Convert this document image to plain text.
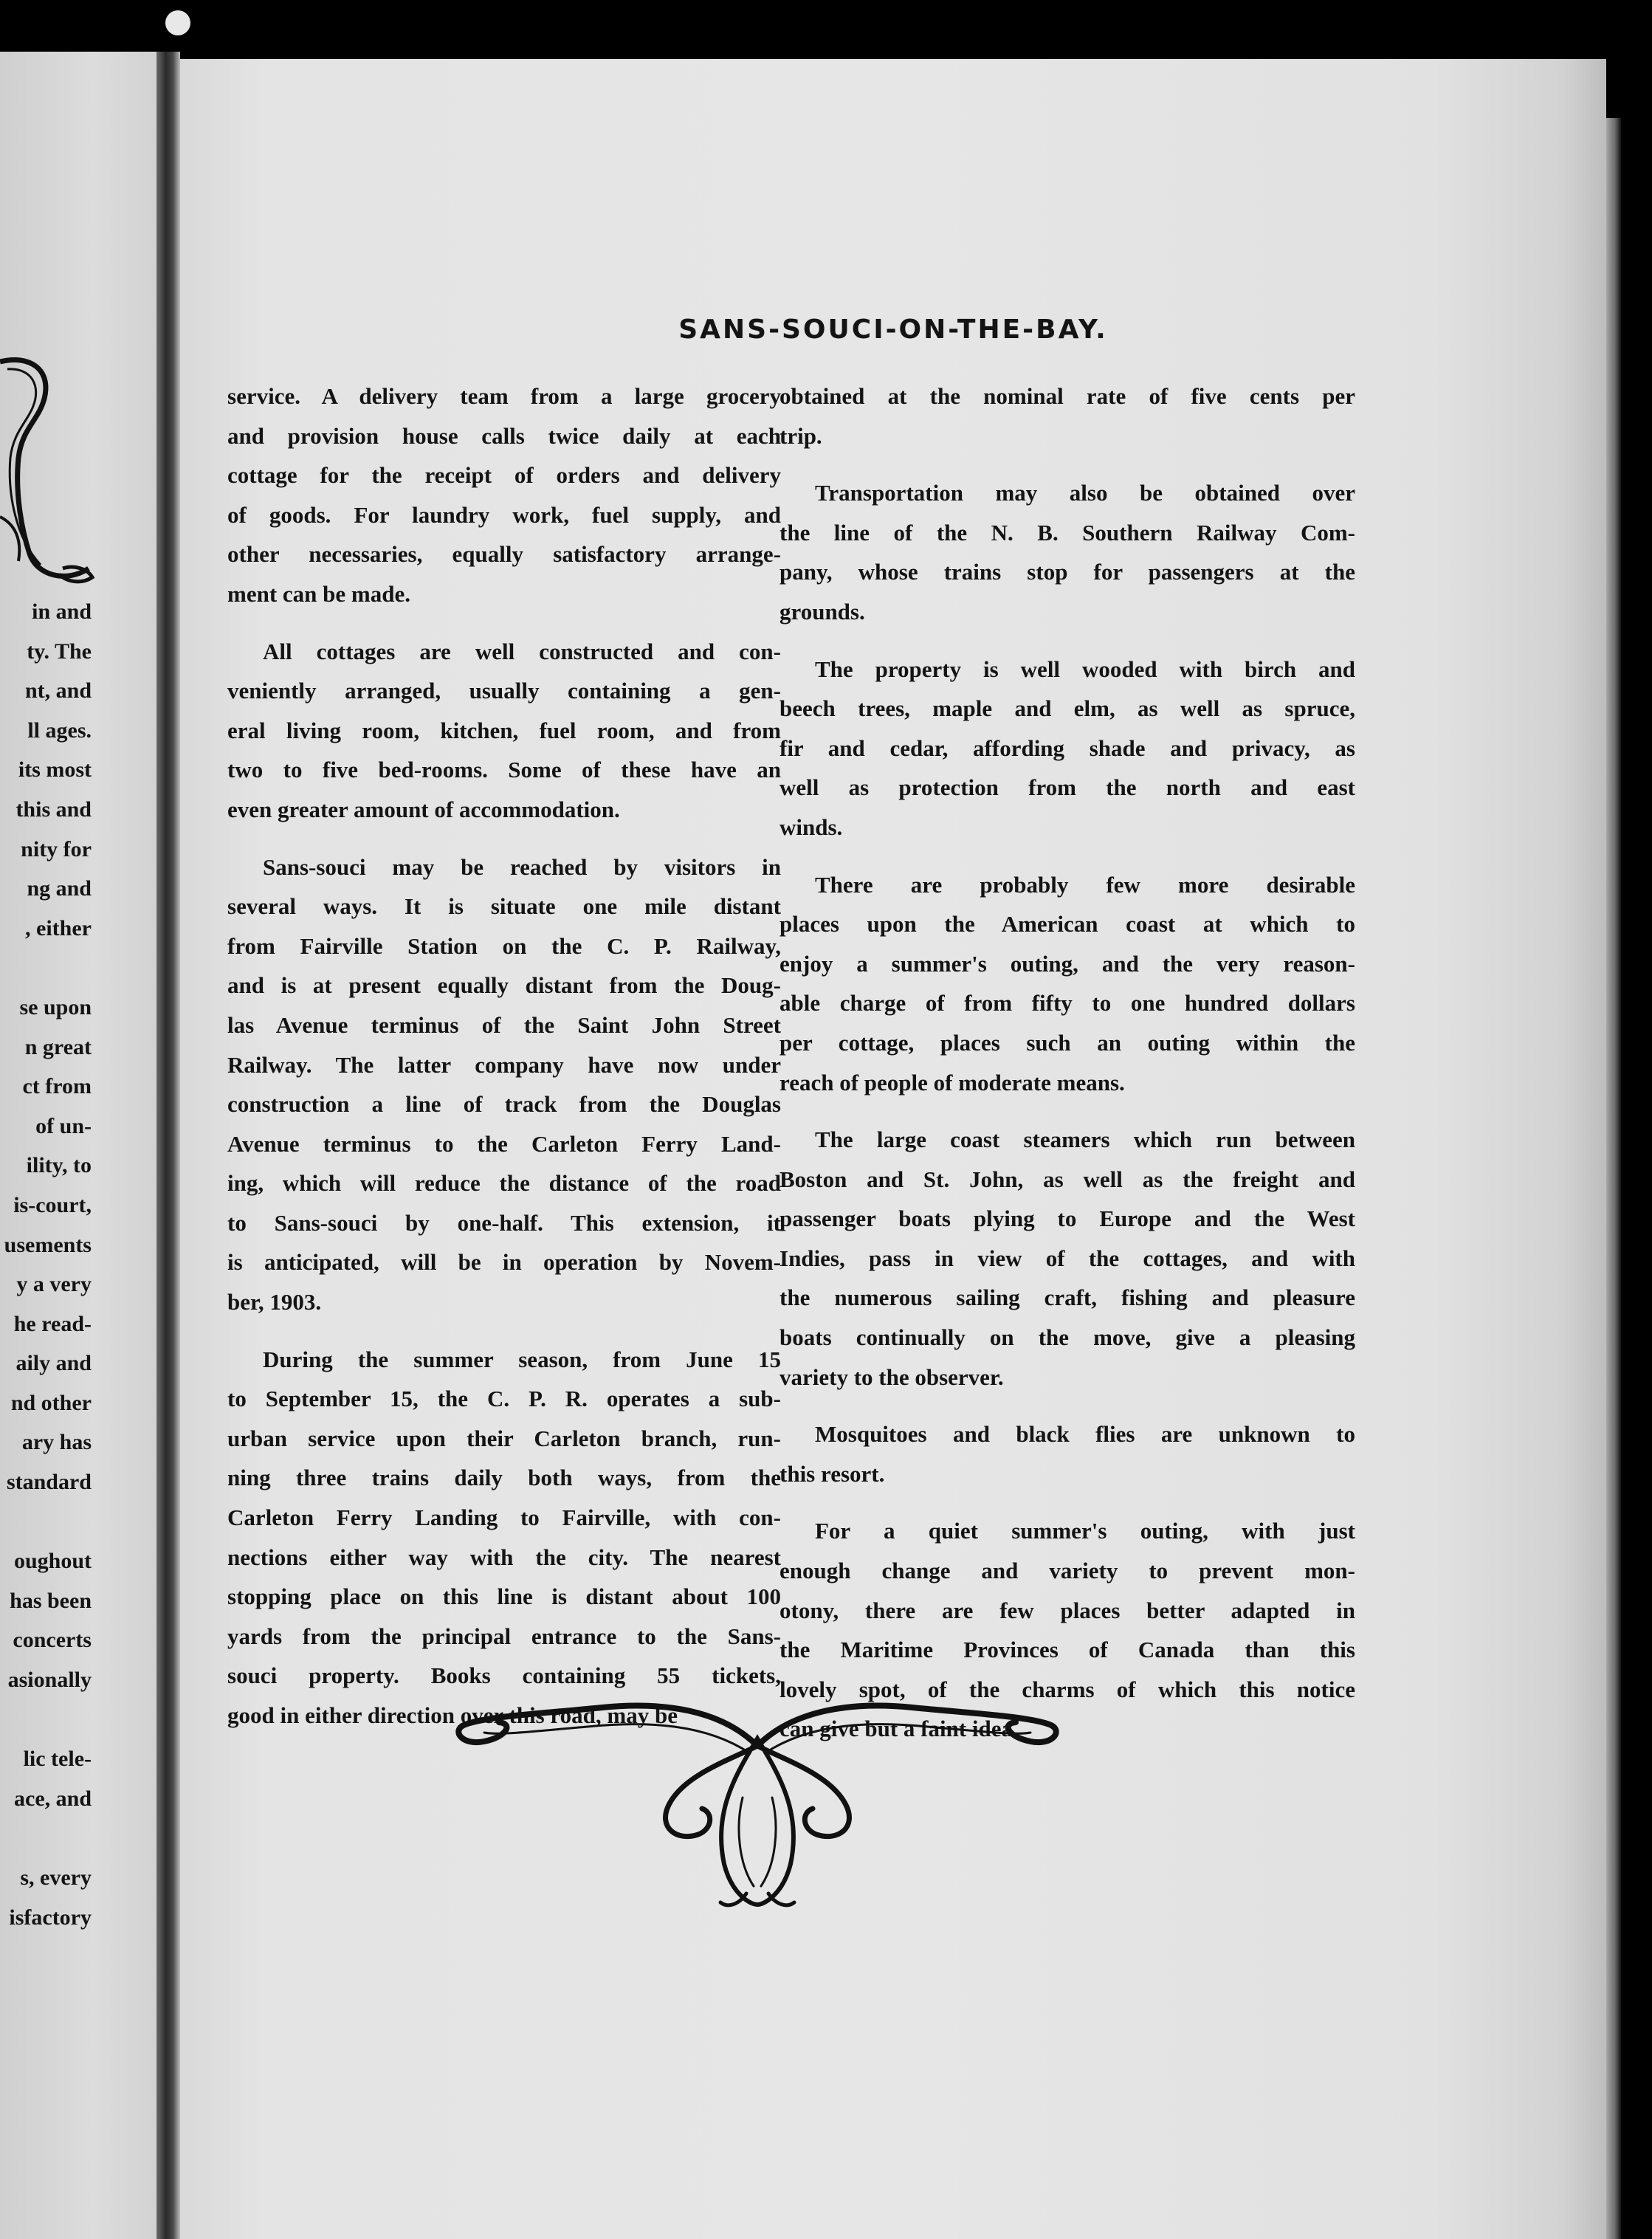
in and
ty. The
nt, and
ll ages.
its most
this and
nity for
ng and
, either

se upon
n great
ct from
of un-
ility, to
is-court,
usements
y a very
he read-
aily and
nd other
ary has
standard

oughout
has been
concerts
asionally

lic tele-
ace, and

s, every
isfactory
SANS-SOUCI-ON-THE-BAY.
service. A delivery team from a large grocery
and provision house calls twice daily at each
cottage for the receipt of orders and delivery
of goods. For laundry work, fuel supply, and
other necessaries, equally satisfactory arrange-
ment can be made.
All cottages are well constructed and con-
veniently arranged, usually containing a gen-
eral living room, kitchen, fuel room, and from
two to five bed-rooms. Some of these have an
even greater amount of accommodation.
Sans-souci may be reached by visitors in
several ways. It is situate one mile distant
from Fairville Station on the C. P. Railway,
and is at present equally distant from the Doug-
las Avenue terminus of the Saint John Street
Railway. The latter company have now under
construction a line of track from the Douglas
Avenue terminus to the Carleton Ferry Land-
ing, which will reduce the distance of the road
to Sans-souci by one-half. This extension, it
is anticipated, will be in operation by Novem-
ber, 1903.
During the summer season, from June 15
to September 15, the C. P. R. operates a sub-
urban service upon their Carleton branch, run-
ning three trains daily both ways, from the
Carleton Ferry Landing to Fairville, with con-
nections either way with the city. The nearest
stopping place on this line is distant about 100
yards from the principal entrance to the Sans-
souci property. Books containing 55 tickets,
good in either direction over this road, may be
obtained at the nominal rate of five cents per
trip.
Transportation may also be obtained over
the line of the N. B. Southern Railway Com-
pany, whose trains stop for passengers at the
grounds.
The property is well wooded with birch and
beech trees, maple and elm, as well as spruce,
fir and cedar, affording shade and privacy, as
well as protection from the north and east
winds.
There are probably few more desirable
places upon the American coast at which to
enjoy a summer's outing, and the very reason-
able charge of from fifty to one hundred dollars
per cottage, places such an outing within the
reach of people of moderate means.
The large coast steamers which run between
Boston and St. John, as well as the freight and
passenger boats plying to Europe and the West
Indies, pass in view of the cottages, and with
the numerous sailing craft, fishing and pleasure
boats continually on the move, give a pleasing
variety to the observer.
Mosquitoes and black flies are unknown to
this resort.
For a quiet summer's outing, with just
enough change and variety to prevent mon-
otony, there are few places better adapted in
the Maritime Provinces of Canada than this
lovely spot, of the charms of which this notice
can give but a faint idea.
